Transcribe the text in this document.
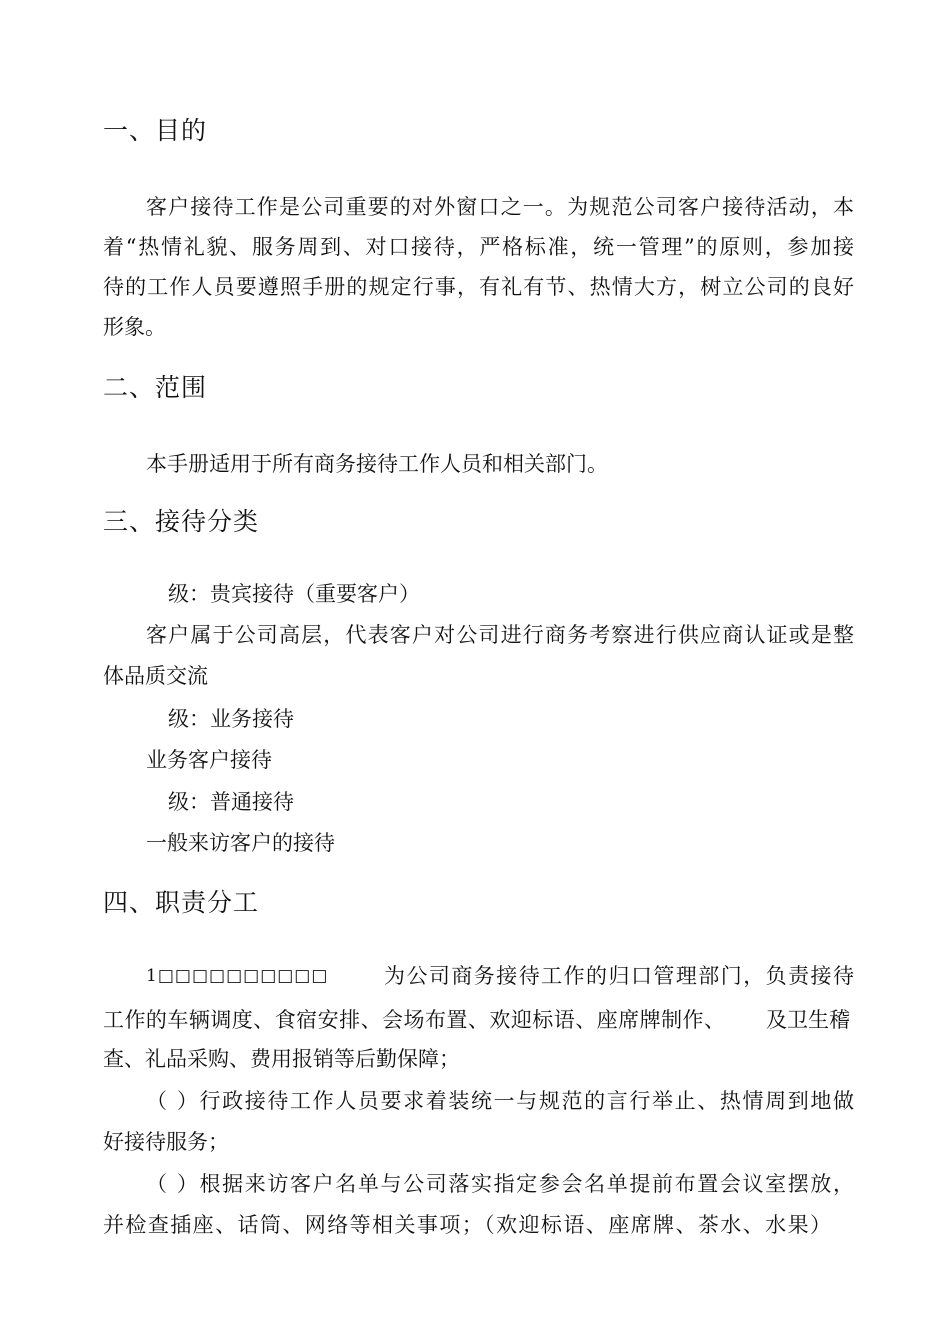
一、目的
客户接待工作是公司重要的对外窗口之一。为规范公司客户接待活动，本
着“热情礼貌、服务周到、对口接待，严格标准，统一管理”的原则，参加接
待的工作人员要遵照手册的规定行事，有礼有节、热情大方，树立公司的良好
形象。
二、范围
本手册适用于所有商务接待工作人员和相关部门。
三、接待分类
级：贵宾接待（重要客户）
客户属于公司高层，代表客户对公司进行商务考察进行供应商认证或是整
体品质交流
级：业务接待
业务客户接待
级：普通接待
一般来访客户的接待
四、职责分工
1□□□□□□□□□□	为公司商务接待工作的归口管理部门，负责接待
工作的车辆调度、食宿安排、会场布置、欢迎标语、座席牌制作、 及卫生稽
查、礼品采购、费用报销等后勤保障；
（ ）行政接待工作人员要求着装统一与规范的言行举止、热情周到地做
好接待服务；
（ ）根据来访客户名单与公司落实指定参会名单提前布置会议室摆放，
并检查插座、话筒、网络等相关事项；（欢迎标语、座席牌、茶水、水果）
